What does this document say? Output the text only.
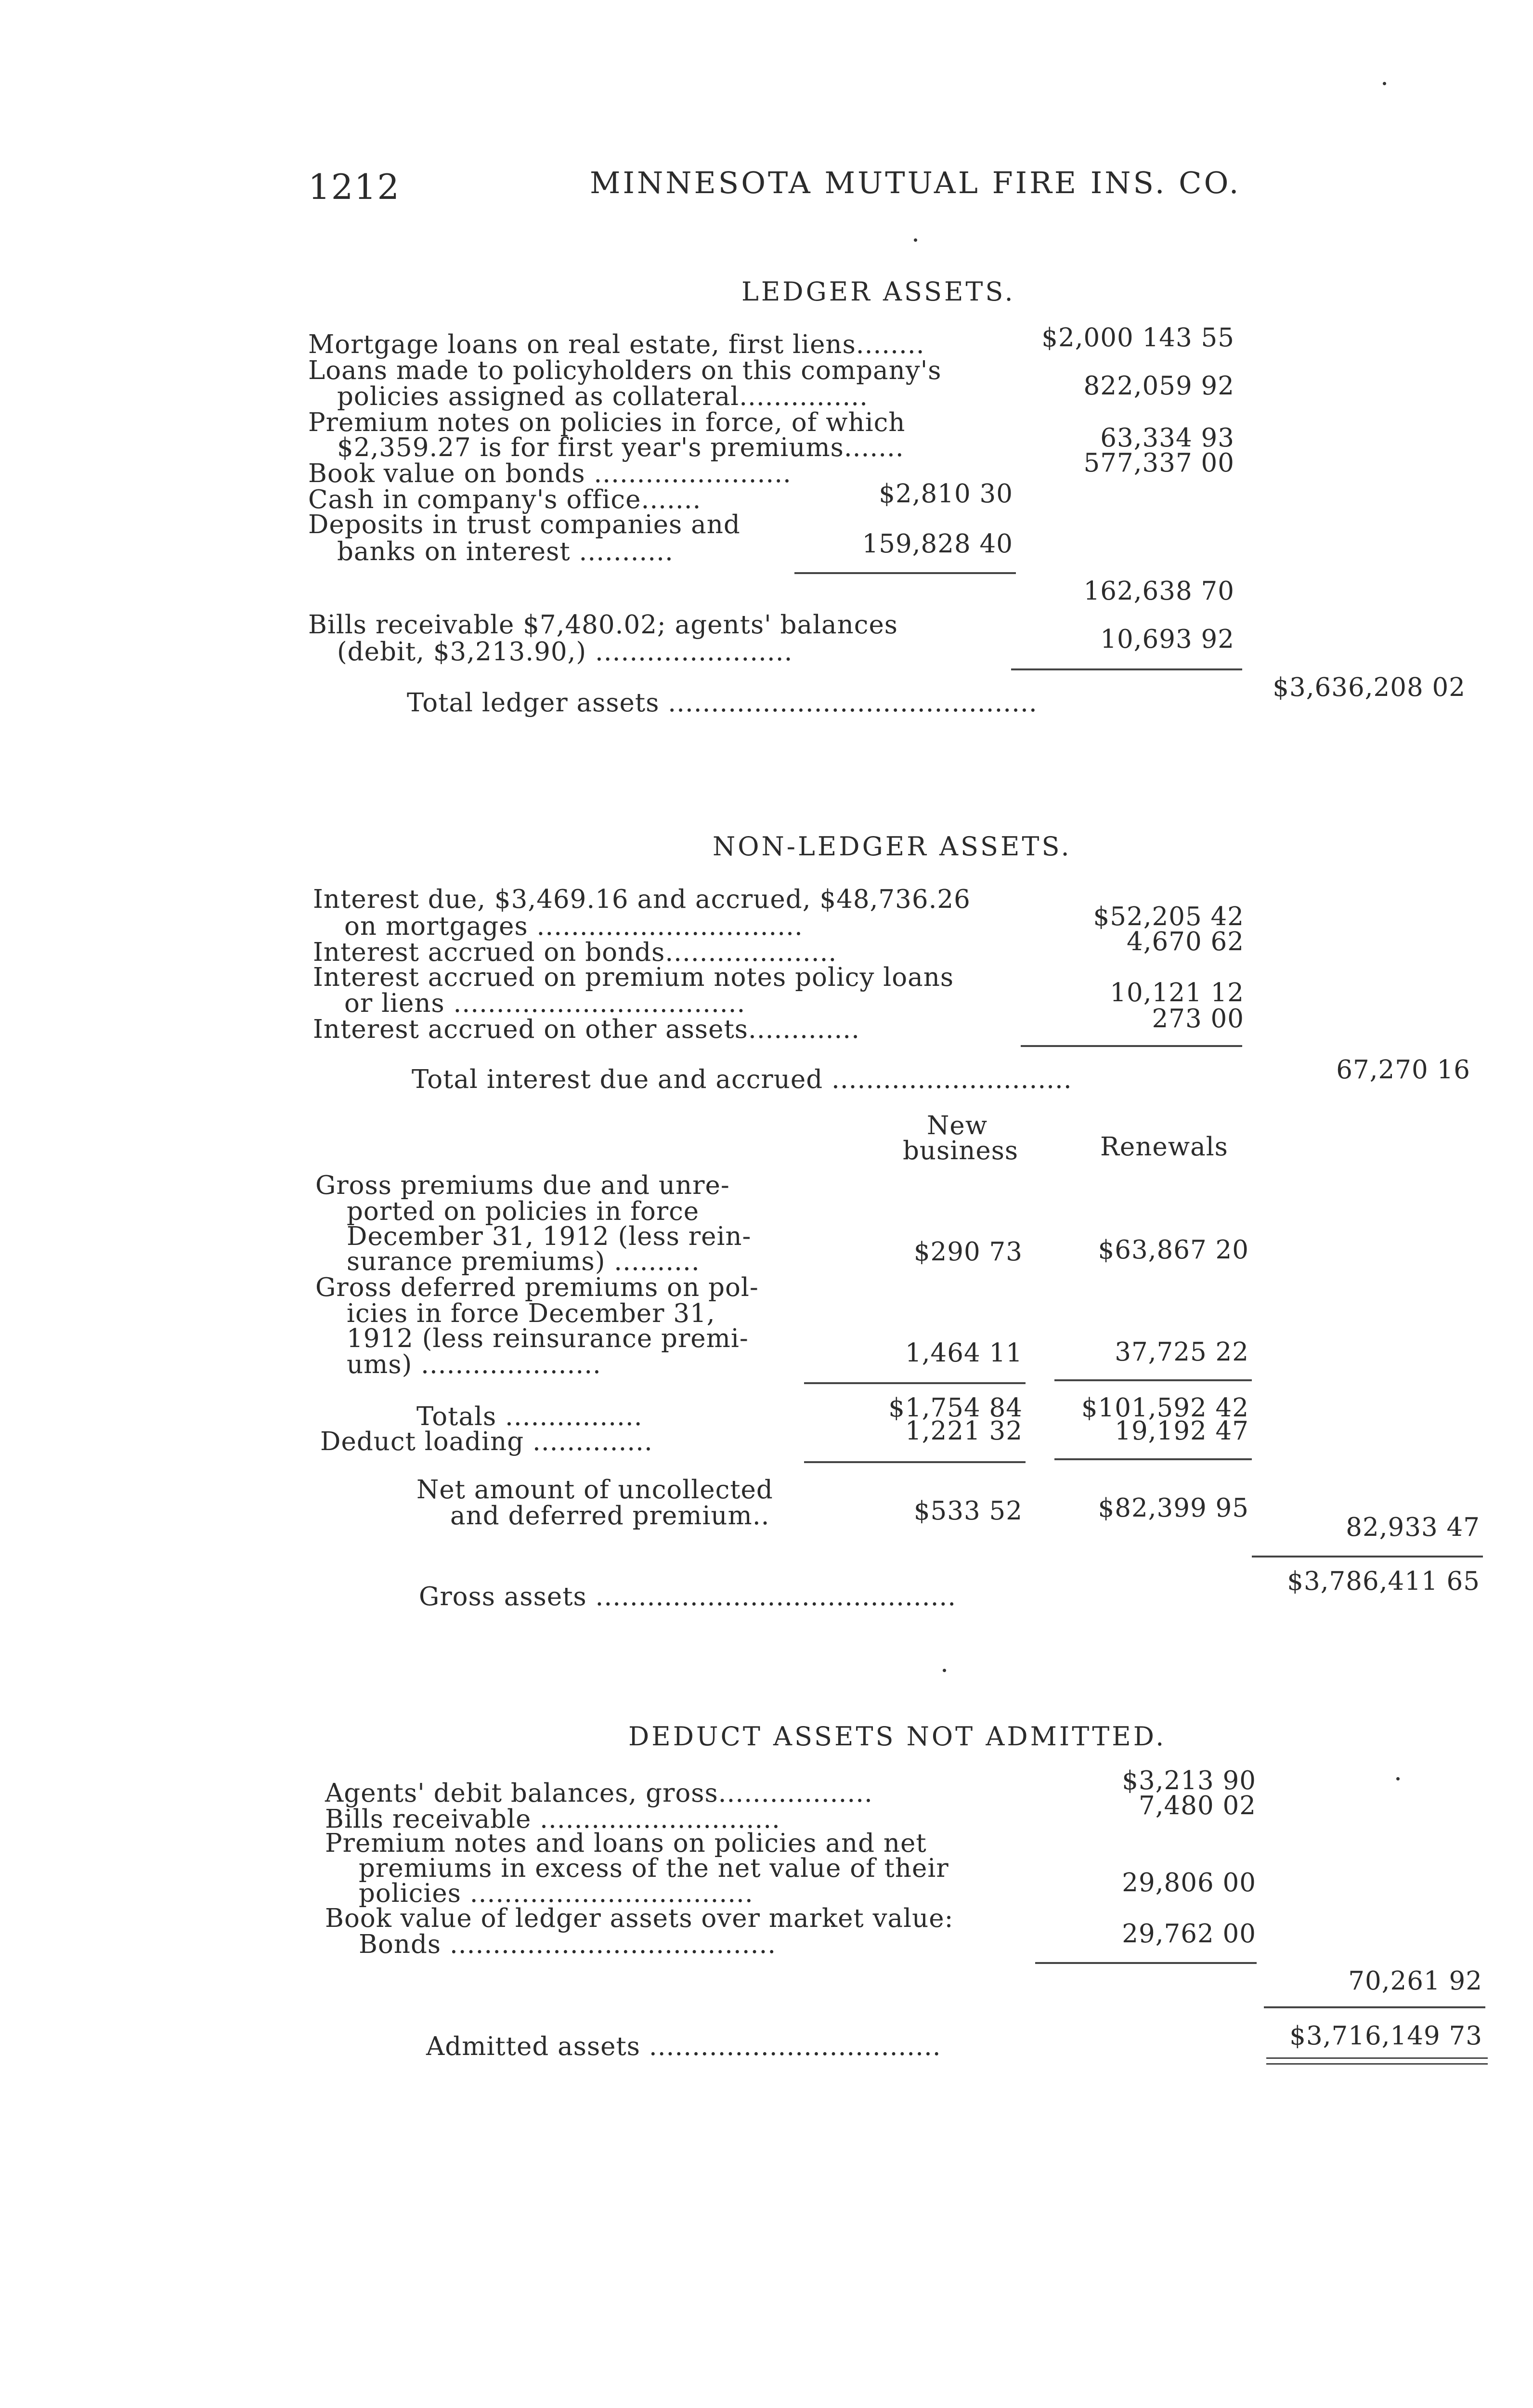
1212	MINNESOTA MUTUAL FIRE INS. CO.
LEDGER ASSETS.
Mortgage loans on real estate, first liens........	$2,000 143 55
Loans made to policyholders on this company's
policies assigned as collateral...............	822,059 92
Premium notes on policies in force, of which
$2,359.27 is for first year's premiums.......	63,334 93
Book value on bonds .......................	577,337 00
Cash in company's office.......	$2,810 30
Deposits in trust companies and
banks on interest ...........	159,828 40
162,638 70
Bills receivable $7,480.02; agents' balances
(debit, $3,213.90,) .......................	10,693 92
Total ledger assets ...........................................
$3,636,208 02
NON-LEDGER ASSETS.
Interest due, $3,469.16 and accrued, $48,736.26
on mortgages ...............................	$52,205 42
Interest accrued on bonds....................	4,670 62
Interest accrued on premium notes policy loans
or liens ..................................	10,121 12
Interest accrued on other assets.............	273 00
Total interest due and accrued ............................	67,270 16
New
business	Renewals
Gross premiums due and unre-
ported on policies in force
December 31, 1912 (less rein-
surance premiums) ..........	$290 73	$63,867 20
Gross deferred premiums on pol-
icies in force December 31,
1912 (less reinsurance premi-
ums) .....................	1,464 11	37,725 22
Totals ................	$1,754 84 $101,592 42
Deduct loading ..............	1,221 32	19,192 47
Net amount of uncollected
and deferred premium..	$533 52	$82,399 95
82,933 47
Gross assets ..........................................
$3,786,411 65
DEDUCT ASSETS NOT ADMITTED.
Agents' debit balances, gross..................	$3,213 90
Bills receivable ............................	7,480 02
Premium notes and loans on policies and net
premiums in excess of the net value of their
policies .................................	29,806 00
Book value of ledger assets over market value:
Bonds ......................................	29,762 00
70,261 92
Admitted assets ..................................	$3,716,149 73
